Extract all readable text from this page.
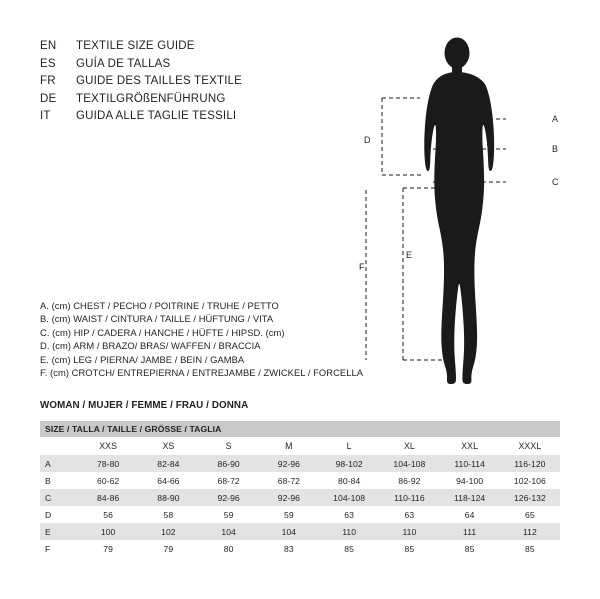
EN	TEXTILE SIZE GUIDE
ES	GUÍA DE TALLAS
FR	GUIDE DES TAILLES TEXTILE
DE	TEXTILGRÖßENFÜHRUNG
IT	GUIDA ALLE TAGLIE TESSILI	A
B
C
D
E
F
A. (cm) CHEST / PECHO / POITRINE / TRUHE / PETTO
B. (cm) WAIST / CINTURA / TAILLE / HÜFTUNG / VITA
C. (cm) HIP / CADERA / HANCHE / HÜFTE / HIPSD. (cm)
D. (cm) ARM / BRAZO/ BRAS/ WAFFEN / BRACCIA
E. (cm) LEG / PIERNA/ JAMBE / BEIN / GAMBA
F. (cm) CROTCH/ ENTREPIERNA / ENTREJAMBE / ZWICKEL / FORCELLA
WOMAN / MUJER / FEMME / FRAU / DONNA
SIZE / TALLA / TAILLE / GRÖSSE / TAGLIA								
	XXS	XS	S	M	L	XL	XXL	XXXL
A	78-80	82-84	86-90	92-96	98-102	104-108	110-114	116-120
B	60-62	64-66	68-72	68-72	80-84	86-92	94-100	102-106
C	84-86	88-90	92-96	92-96	104-108	110-116	118-124	126-132
D	56	58	59	59	63	63	64	65
E	100	102	104	104	110	110	111	112
F	79	79	80	83	85	85	85	85
